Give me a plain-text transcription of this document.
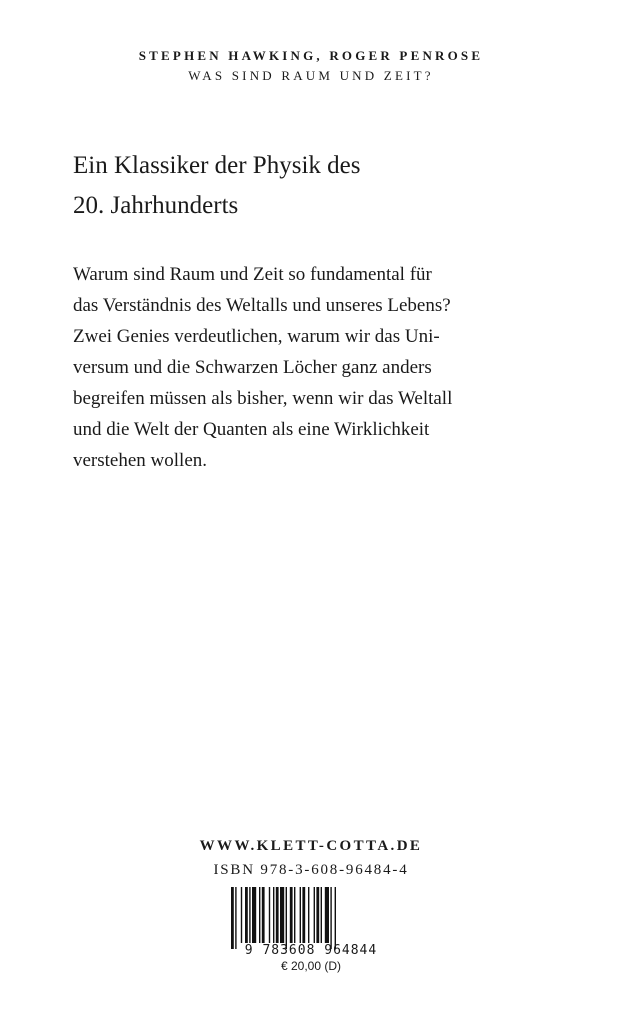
STEPHEN HAWKING, ROGER PENROSE
WAS SIND RAUM UND ZEIT?
Ein Klassiker der Physik des
20. Jahrhunderts
Warum sind Raum und Zeit so fundamental für
das Verständnis des Weltalls und unseres Lebens?
Zwei Genies verdeutlichen, warum wir das Uni-
versum und die Schwarzen Löcher ganz anders
begreifen müssen als bisher, wenn wir das Weltall
und die Welt der Quanten als eine Wirklichkeit
verstehen wollen.
WWW.KLETT-COTTA.DE
ISBN 978-3-608-96484-4
9 783608 964844
€ 20,00 (D)
